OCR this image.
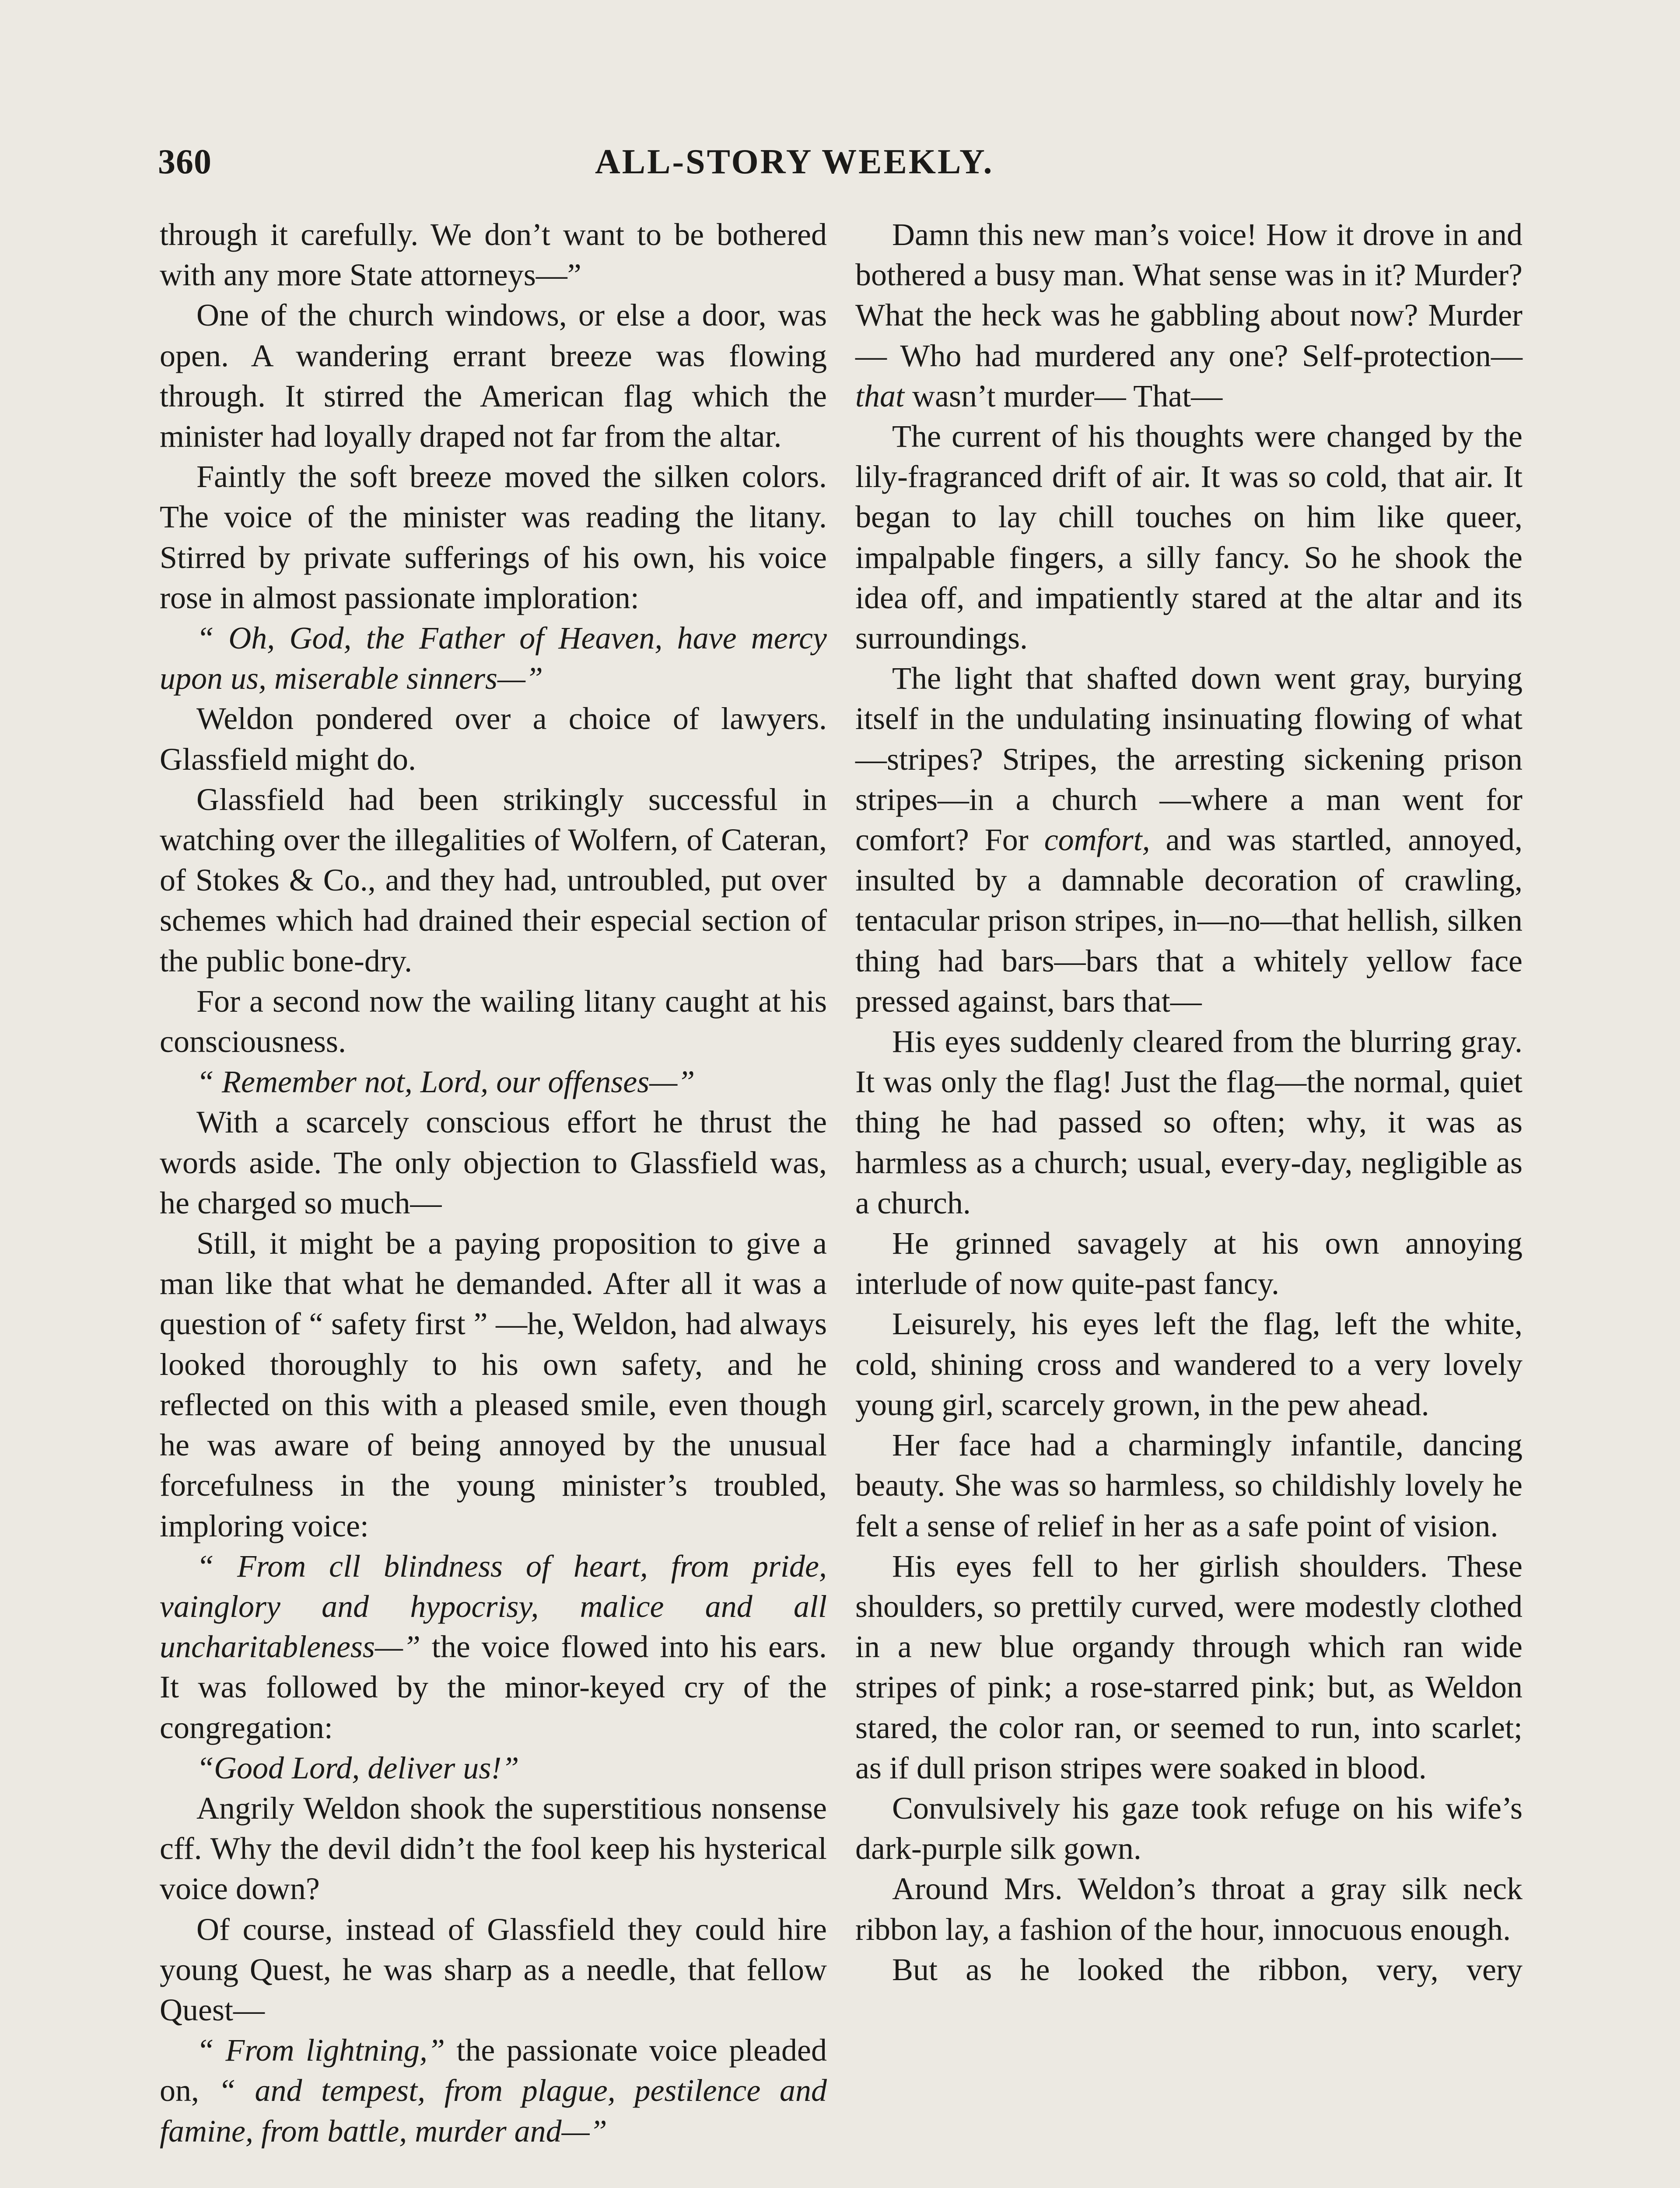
360	ALL-STORY WEEKLY.

through it carefully. We don’t want to be bothered with any more State attorneys—”

One of the church windows, or else a door, was open. A wandering errant breeze was flowing through. It stirred the American flag which the minister had loyally draped not far from the altar.

Faintly the soft breeze moved the silken colors. The voice of the minister was reading the litany. Stirred by private sufferings of his own, his voice rose in almost passionate imploration:

“ Oh, God, the Father of Heaven, have mercy upon us, miserable sinners—”

Weldon pondered over a choice of lawyers. Glassfield might do.

Glassfield had been strikingly successful in watching over the illegalities of Wolfern, of Cateran, of Stokes & Co., and they had, untroubled, put over schemes which had drained their especial section of the public bone-dry.

For a second now the wailing litany caught at his consciousness.

“ Remember not, Lord, our offenses—”

With a scarcely conscious effort he thrust the words aside. The only objection to Glassfield was, he charged so much—

Still, it might be a paying proposition to give a man like that what he demanded. After all it was a question of “ safety first ” —he, Weldon, had always looked thoroughly to his own safety, and he reflected on this with a pleased smile, even though he was aware of being annoyed by the unusual forcefulness in the young minister’s troubled, imploring voice:

“ From cll blindness of heart, from pride, vainglory and hypocrisy, malice and all uncharitableness—” the voice flowed into his ears. It was followed by the minor-keyed cry of the congregation:

“Good Lord, deliver us!”

Angrily Weldon shook the superstitious nonsense cff. Why the devil didn’t the fool keep his hysterical voice down?

Of course, instead of Glassfield they could hire young Quest, he was sharp as a needle, that fellow Quest—

“ From lightning,” the passionate voice pleaded on, “ and tempest, from plague, pestilence and famine, from battle, murder and—”

Damn this new man’s voice! How it drove in and bothered a busy man. What sense was in it? Murder? What the heck was he gabbling about now? Murder— Who had murdered any one? Self-protection—that wasn’t murder— That—

The current of his thoughts were changed by the lily-fragranced drift of air. It was so cold, that air. It began to lay chill touches on him like queer, impalpable fingers, a silly fancy. So he shook the idea off, and impatiently stared at the altar and its surroundings.

The light that shafted down went gray, burying itself in the undulating insinuating flowing of what—stripes? Stripes, the arresting sickening prison stripes—in a church —where a man went for comfort? For comfort, and was startled, annoyed, insulted by a damnable decoration of crawling, tentacular prison stripes, in—no—that hellish, silken thing had bars—bars that a whitely yellow face pressed against, bars that—

His eyes suddenly cleared from the blurring gray. It was only the flag! Just the flag—the normal, quiet thing he had passed so often; why, it was as harmless as a church; usual, every-day, negligible as a church.

He grinned savagely at his own annoying interlude of now quite-past fancy.

Leisurely, his eyes left the flag, left the white, cold, shining cross and wandered to a very lovely young girl, scarcely grown, in the pew ahead.

Her face had a charmingly infantile, dancing beauty. She was so harmless, so childishly lovely he felt a sense of relief in her as a safe point of vision.

His eyes fell to her girlish shoulders. These shoulders, so prettily curved, were modestly clothed in a new blue organdy through which ran wide stripes of pink; a rose-starred pink; but, as Weldon stared, the color ran, or seemed to run, into scarlet; as if dull prison stripes were soaked in blood.

Convulsively his gaze took refuge on his wife’s dark-purple silk gown.

Around Mrs. Weldon’s throat a gray silk neck ribbon lay, a fashion of the hour, innocuous enough.

But as he looked the ribbon, very, very
